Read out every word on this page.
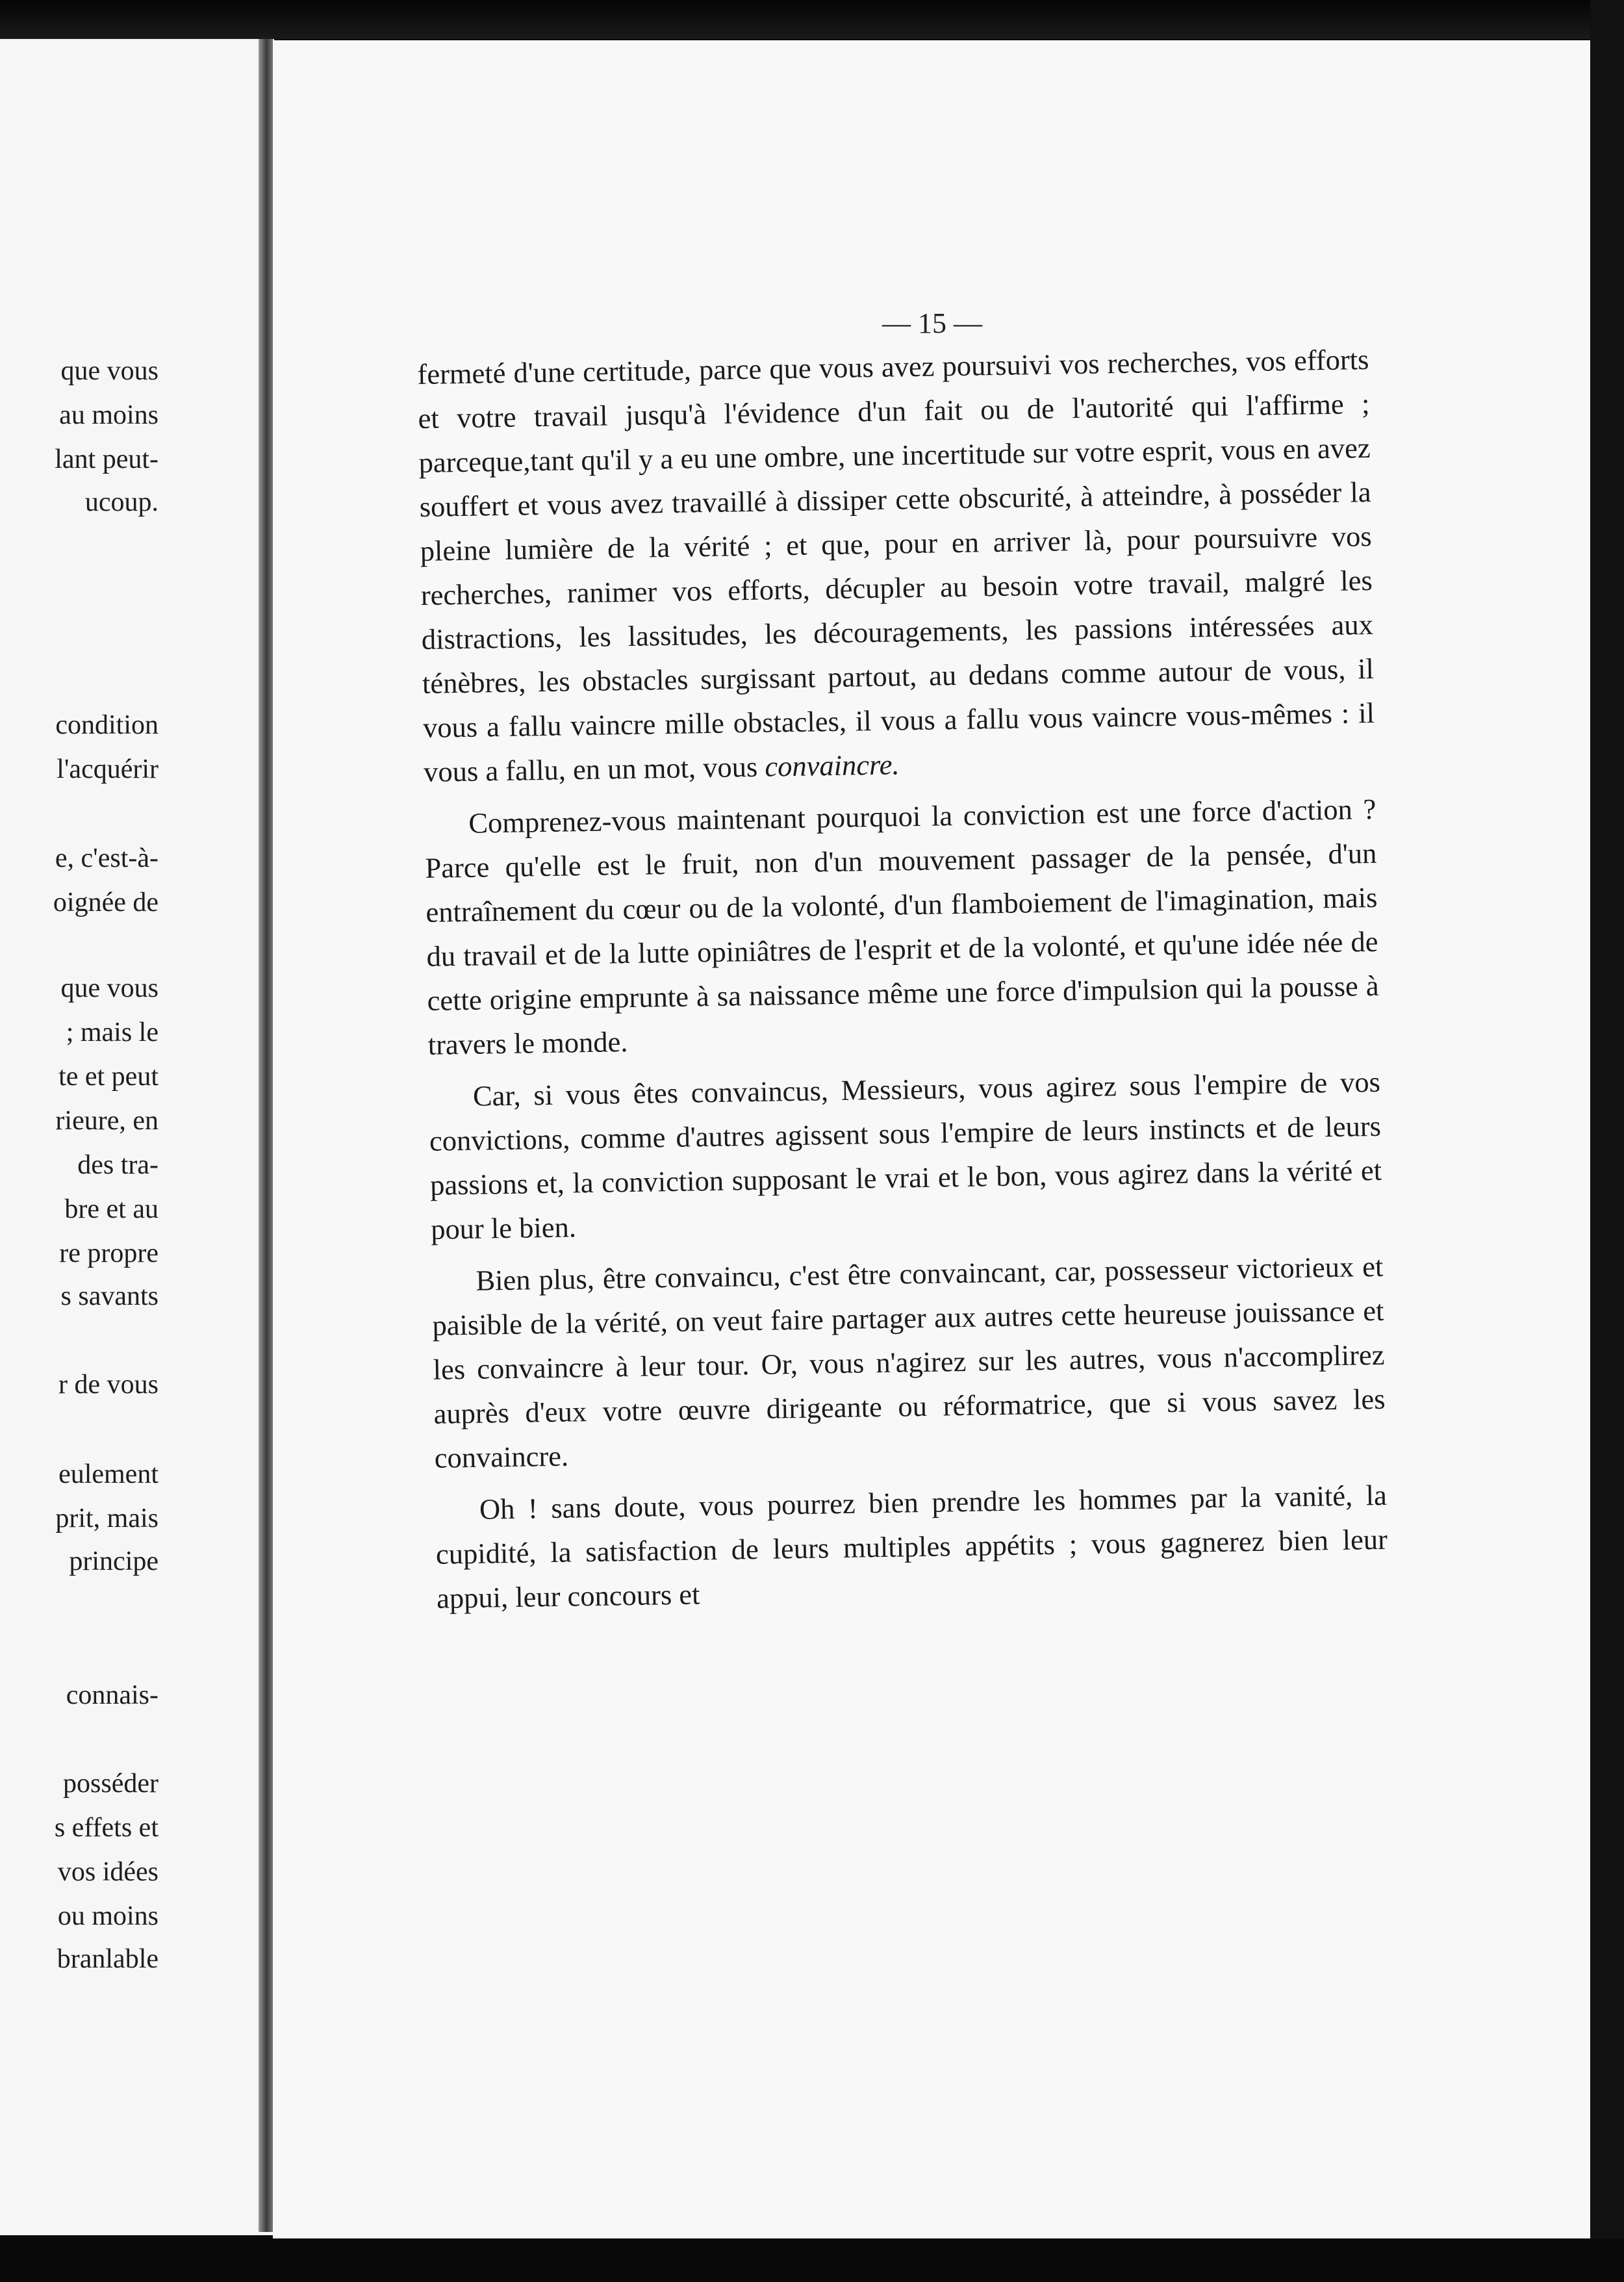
que vous
au moins
lant peut-
ucoup.
condition
l'acquérir
e, c'est-à-
oignée de
que vous
; mais le
te et peut
rieure, en
des tra-
bre et au
re propre
s savants
r de vous
eulement
prit, mais
principe
connais-
posséder
s effets et
vos idées
ou moins
branlable
— 15 —

fermeté d'une certitude, parce que vous avez poursuivi vos recherches, vos efforts et votre travail jusqu'à l'évidence d'un fait ou de l'autorité qui l'affirme ; parceque,tant qu'il y a eu une ombre, une incertitude sur votre esprit, vous en avez souffert et vous avez travaillé à dissiper cette obscurité, à atteindre, à posséder la pleine lumière de la vérité ; et que, pour en arriver là, pour poursuivre vos recherches, ranimer vos efforts, décupler au besoin votre travail, malgré les distractions, les lassitudes, les découragements, les passions intéressées aux ténèbres, les obstacles surgissant partout, au dedans comme autour de vous, il vous a fallu vaincre mille obstacles, il vous a fallu vous vaincre vous-mêmes : il vous a fallu, en un mot, vous convaincre.

Comprenez-vous maintenant pourquoi la conviction est une force d'action ? Parce qu'elle est le fruit, non d'un mouvement passager de la pensée, d'un entraînement du cœur ou de la volonté, d'un flamboiement de l'imagination, mais du travail et de la lutte opiniâtres de l'esprit et de la volonté, et qu'une idée née de cette origine emprunte à sa naissance même une force d'impulsion qui la pousse à travers le monde.

Car, si vous êtes convaincus, Messieurs, vous agirez sous l'empire de vos convictions, comme d'autres agissent sous l'empire de leurs instincts et de leurs passions et, la conviction supposant le vrai et le bon, vous agirez dans la vérité et pour le bien.

Bien plus, être convaincu, c'est être convaincant, car, possesseur victorieux et paisible de la vérité, on veut faire partager aux autres cette heureuse jouissance et les convaincre à leur tour. Or, vous n'agirez sur les autres, vous n'accomplirez auprès d'eux votre œuvre dirigeante ou réformatrice, que si vous savez les convaincre.

Oh ! sans doute, vous pourrez bien prendre les hommes par la vanité, la cupidité, la satisfaction de leurs multiples appétits ; vous gagnerez bien leur appui, leur concours et
